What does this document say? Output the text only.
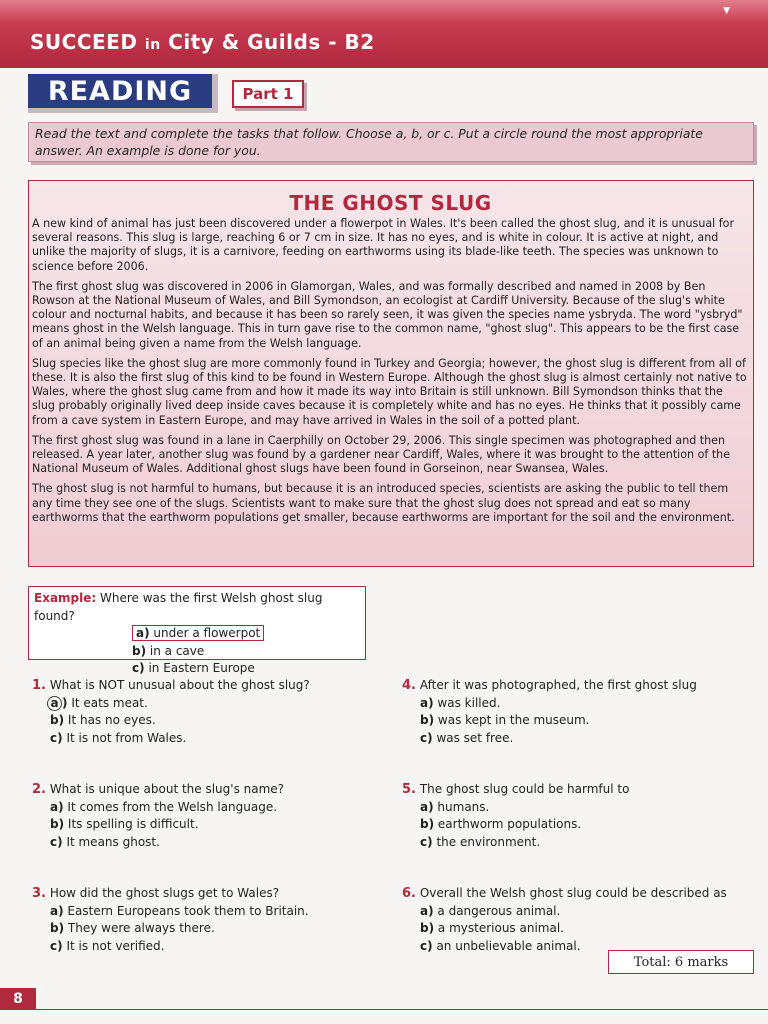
▼
SUCCEED in City & Guilds - B2
READING	Part 1
Read the text and complete the tasks that follow. Choose a, b, or c. Put a circle round the most appropriate answer. An example is done for you.
THE GHOST SLUG

A new kind of animal has just been discovered under a flowerpot in Wales. It's been called the ghost slug, and it is unusual for several reasons. This slug is large, reaching 6 or 7 cm in size. It has no eyes, and is white in colour. It is active at night, and unlike the majority of slugs, it is a carnivore, feeding on earthworms using its blade-like teeth. The species was unknown to science before 2006.

The first ghost slug was discovered in 2006 in Glamorgan, Wales, and was formally described and named in 2008 by Ben Rowson at the National Museum of Wales, and Bill Symondson, an ecologist at Cardiff University. Because of the slug's white colour and nocturnal habits, and because it has been so rarely seen, it was given the species name ysbryda. The word "ysbryd" means ghost in the Welsh language. This in turn gave rise to the common name, "ghost slug". This appears to be the first case of an animal being given a name from the Welsh language.

Slug species like the ghost slug are more commonly found in Turkey and Georgia; however, the ghost slug is different from all of these. It is also the first slug of this kind to be found in Western Europe. Although the ghost slug is almost certainly not native to Wales, where the ghost slug came from and how it made its way into Britain is still unknown. Bill Symondson thinks that the slug probably originally lived deep inside caves because it is completely white and has no eyes. He thinks that it possibly came from a cave system in Eastern Europe, and may have arrived in Wales in the soil of a potted plant.

The first ghost slug was found in a lane in Caerphilly on October 29, 2006. This single specimen was photographed and then released. A year later, another slug was found by a gardener near Cardiff, Wales, where it was brought to the attention of the National Museum of Wales. Additional ghost slugs have been found in Gorseinon, near Swansea, Wales.

The ghost slug is not harmful to humans, but because it is an introduced species, scientists are asking the public to tell them any time they see one of the slugs. Scientists want to make sure that the ghost slug does not spread and eat so many earthworms that the earthworm populations get smaller, because earthworms are important for the soil and the environment.

Example: Where was the first Welsh ghost slug found?
a) under a flowerpot
b) in a cave
c) in Eastern Europe
1. What is NOT unusual about the ghost slug?
a ) It eats meat.
b) It has no eyes.
c) It is not from Wales.
2. What is unique about the slug's name?
a) It comes from the Welsh language.
b) Its spelling is difficult.
c) It means ghost.
3. How did the ghost slugs get to Wales?
a) Eastern Europeans took them to Britain.
b) They were always there.
c) It is not verified.
4. After it was photographed, the first ghost slug
a) was killed.
b) was kept in the museum.
c) was set free.
5. The ghost slug could be harmful to
a) humans.
b) earthworm populations.
c) the environment.
6. Overall the Welsh ghost slug could be described as
a) a dangerous animal.
b) a mysterious animal.
c) an unbelievable animal.
Total: 6 marks
8
